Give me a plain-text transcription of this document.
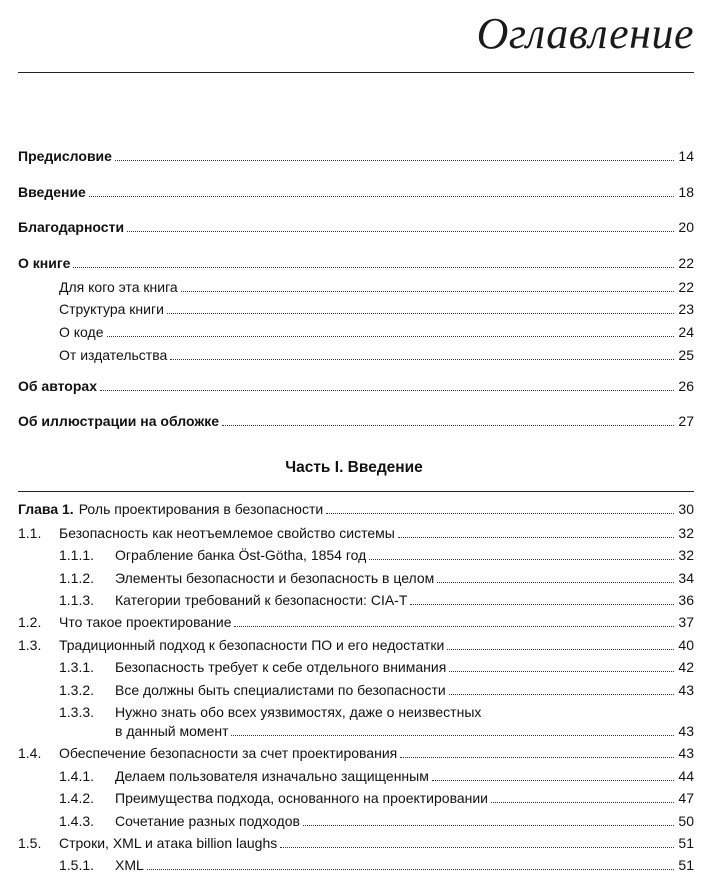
Оглавление
Предисловие	14
Введение	18
Благодарности	20
О книге	22
Для кого эта книга	22
Структура книги	23
О коде	24
От издательства	25
Об авторах	26
Об иллюстрации на обложке	27
Часть I. Введение
Глава 1. Роль проектирования в безопасности	30
1.1.	Безопасность как неотъемлемое свойство системы	32
1.1.1.	Ограбление банка Öst-Götha, 1854 год	32
1.1.2.	Элементы безопасности и безопасность в целом	34
1.1.3.	Категории требований к безопасности: CIA-T	36
1.2.	Что такое проектирование	37
1.3.	Традиционный подход к безопасности ПО и его недостатки	40
1.3.1.	Безопасность требует к себе отдельного внимания	42
1.3.2.	Все должны быть специалистами по безопасности	43
1.3.3. Нужно знать обо всех уязвимостях, даже о неизвестных
в данный момент	43
1.4.	Обеспечение безопасности за счет проектирования	43
1.4.1.	Делаем пользователя изначально защищенным	44
1.4.2.	Преимущества подхода, основанного на проектировании	47
1.4.3.	Сочетание разных подходов	50
1.5.	Строки, XML и атака billion laughs	51
1.5.1.	XML	51
